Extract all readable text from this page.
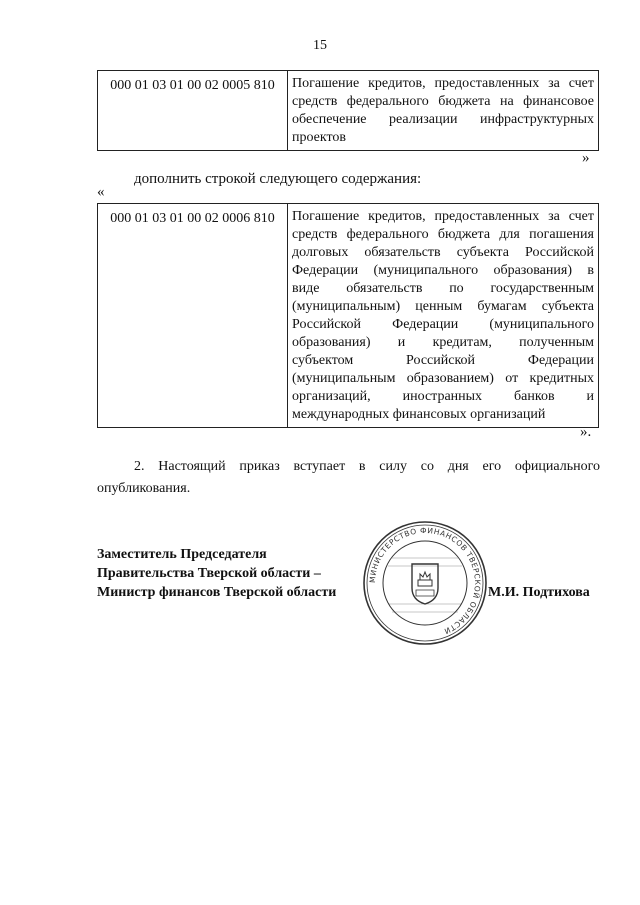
15
000 01 03 01 00 02 0005 810	Погашение кредитов, предоставленных за счет
средств федерального бюджета на финансовое
обеспечение реализации инфраструктурных
проектов
»
дополнить строкой следующего содержания:
«
000 01 03 01 00 02 0006 810	Погашение кредитов, предоставленных за счет
средств федерального бюджета для погашения
долговых обязательств субъекта Российской
Федерации (муниципального образования) в
виде обязательств по государственным
(муниципальным) ценным бумагам субъекта
Российской Федерации (муниципального
образования) и кредитам, полученным
субъектом Российской Федерации
(муниципальным образованием) от кредитных
организаций, иностранных банков и
международных финансовых организаций
».
2. Настоящий приказ вступает в силу со дня его официального
опубликования.
Заместитель Председателя
Правительства Тверской области –
Министр финансов Тверской области
МИНИСТЕРСТВО ФИНАНСОВ ТВЕРСКОЙ ОБЛАСТИ
М.И. Подтихова
